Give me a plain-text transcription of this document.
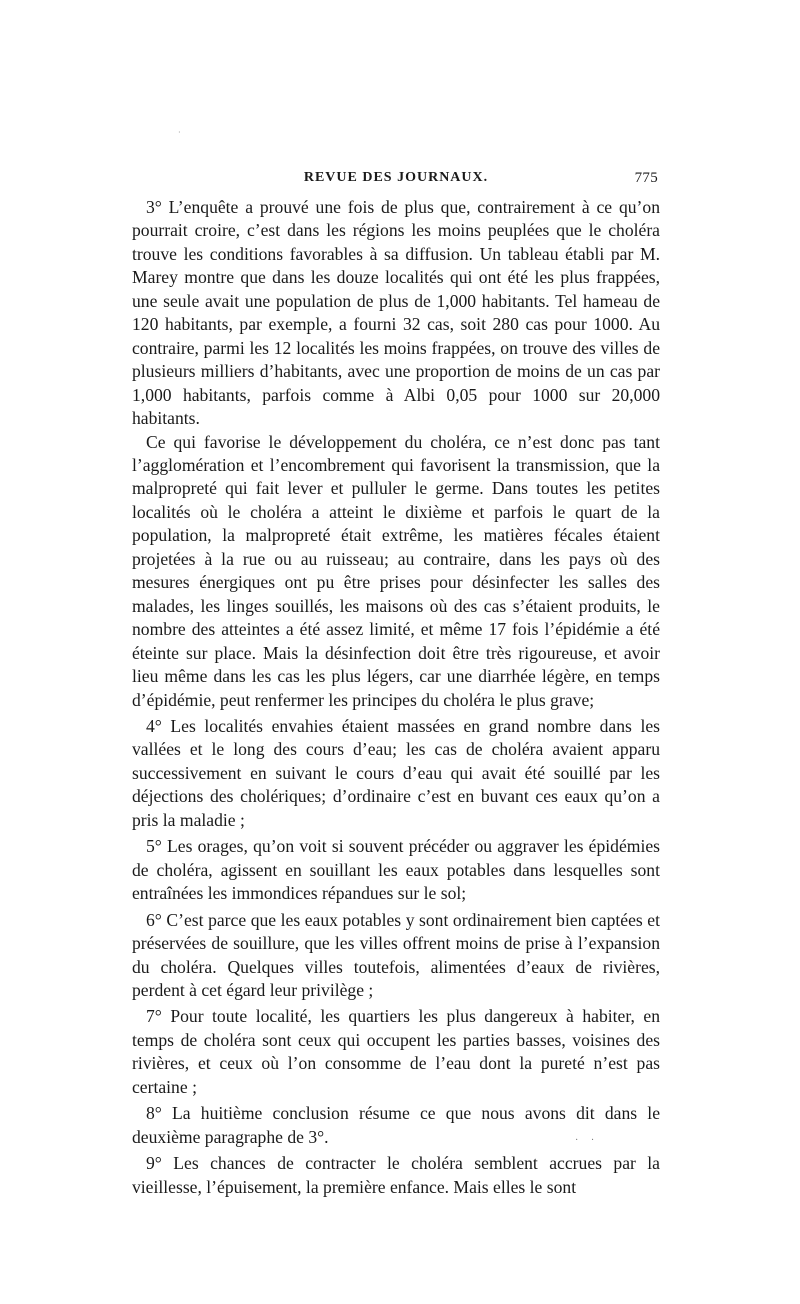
·
REVUE DES JOURNAUX.	775

3° L’enquête a prouvé une fois de plus que, contrairement à ce qu’on pourrait croire, c’est dans les régions les moins peuplées que le choléra trouve les conditions favorables à sa diffusion. Un tableau établi par M. Marey montre que dans les douze localités qui ont été les plus frappées, une seule avait une population de plus de 1,000 habitants. Tel hameau de 120 habitants, par exemple, a fourni 32 cas, soit 280 cas pour 1000. Au contraire, parmi les 12 localités les moins frappées, on trouve des villes de plusieurs milliers d’habitants, avec une proportion de moins de un cas par 1,000 habitants, parfois comme à Albi 0,05 pour 1000 sur 20,000 habitants.

Ce qui favorise le développement du choléra, ce n’est donc pas tant l’agglomération et l’encombrement qui favorisent la transmission, que la malpropreté qui fait lever et pulluler le germe. Dans toutes les petites localités où le choléra a atteint le dixième et parfois le quart de la population, la malpropreté était extrême, les matières fécales étaient projetées à la rue ou au ruisseau; au contraire, dans les pays où des mesures énergiques ont pu être prises pour désinfecter les salles des malades, les linges souillés, les maisons où des cas s’étaient produits, le nombre des atteintes a été assez limité, et même 17 fois l’épidémie a été éteinte sur place. Mais la désinfection doit être très rigoureuse, et avoir lieu même dans les cas les plus légers, car une diarrhée légère, en temps d’épidémie, peut renfermer les principes du choléra le plus grave;

4° Les localités envahies étaient massées en grand nombre dans les vallées et le long des cours d’eau; les cas de choléra avaient apparu successivement en suivant le cours d’eau qui avait été souillé par les déjections des cholériques; d’ordinaire c’est en buvant ces eaux qu’on a pris la maladie ;

5° Les orages, qu’on voit si souvent précéder ou aggraver les épidémies de choléra, agissent en souillant les eaux potables dans lesquelles sont entraînées les immondices répandues sur le sol;

6° C’est parce que les eaux potables y sont ordinairement bien captées et préservées de souillure, que les villes offrent moins de prise à l’expansion du choléra. Quelques villes toutefois, alimentées d’eaux de rivières, perdent à cet égard leur privilège ;

7° Pour toute localité, les quartiers les plus dangereux à habiter, en temps de choléra sont ceux qui occupent les parties basses, voisines des rivières, et ceux où l’on consomme de l’eau dont la pureté n’est pas certaine ;

8° La huitième conclusion résume ce que nous avons dit dans le deuxième paragraphe de 3°.

9° Les chances de contracter le choléra semblent accrues par la vieillesse, l’épuisement, la première enfance. Mais elles le sont

·     ·
